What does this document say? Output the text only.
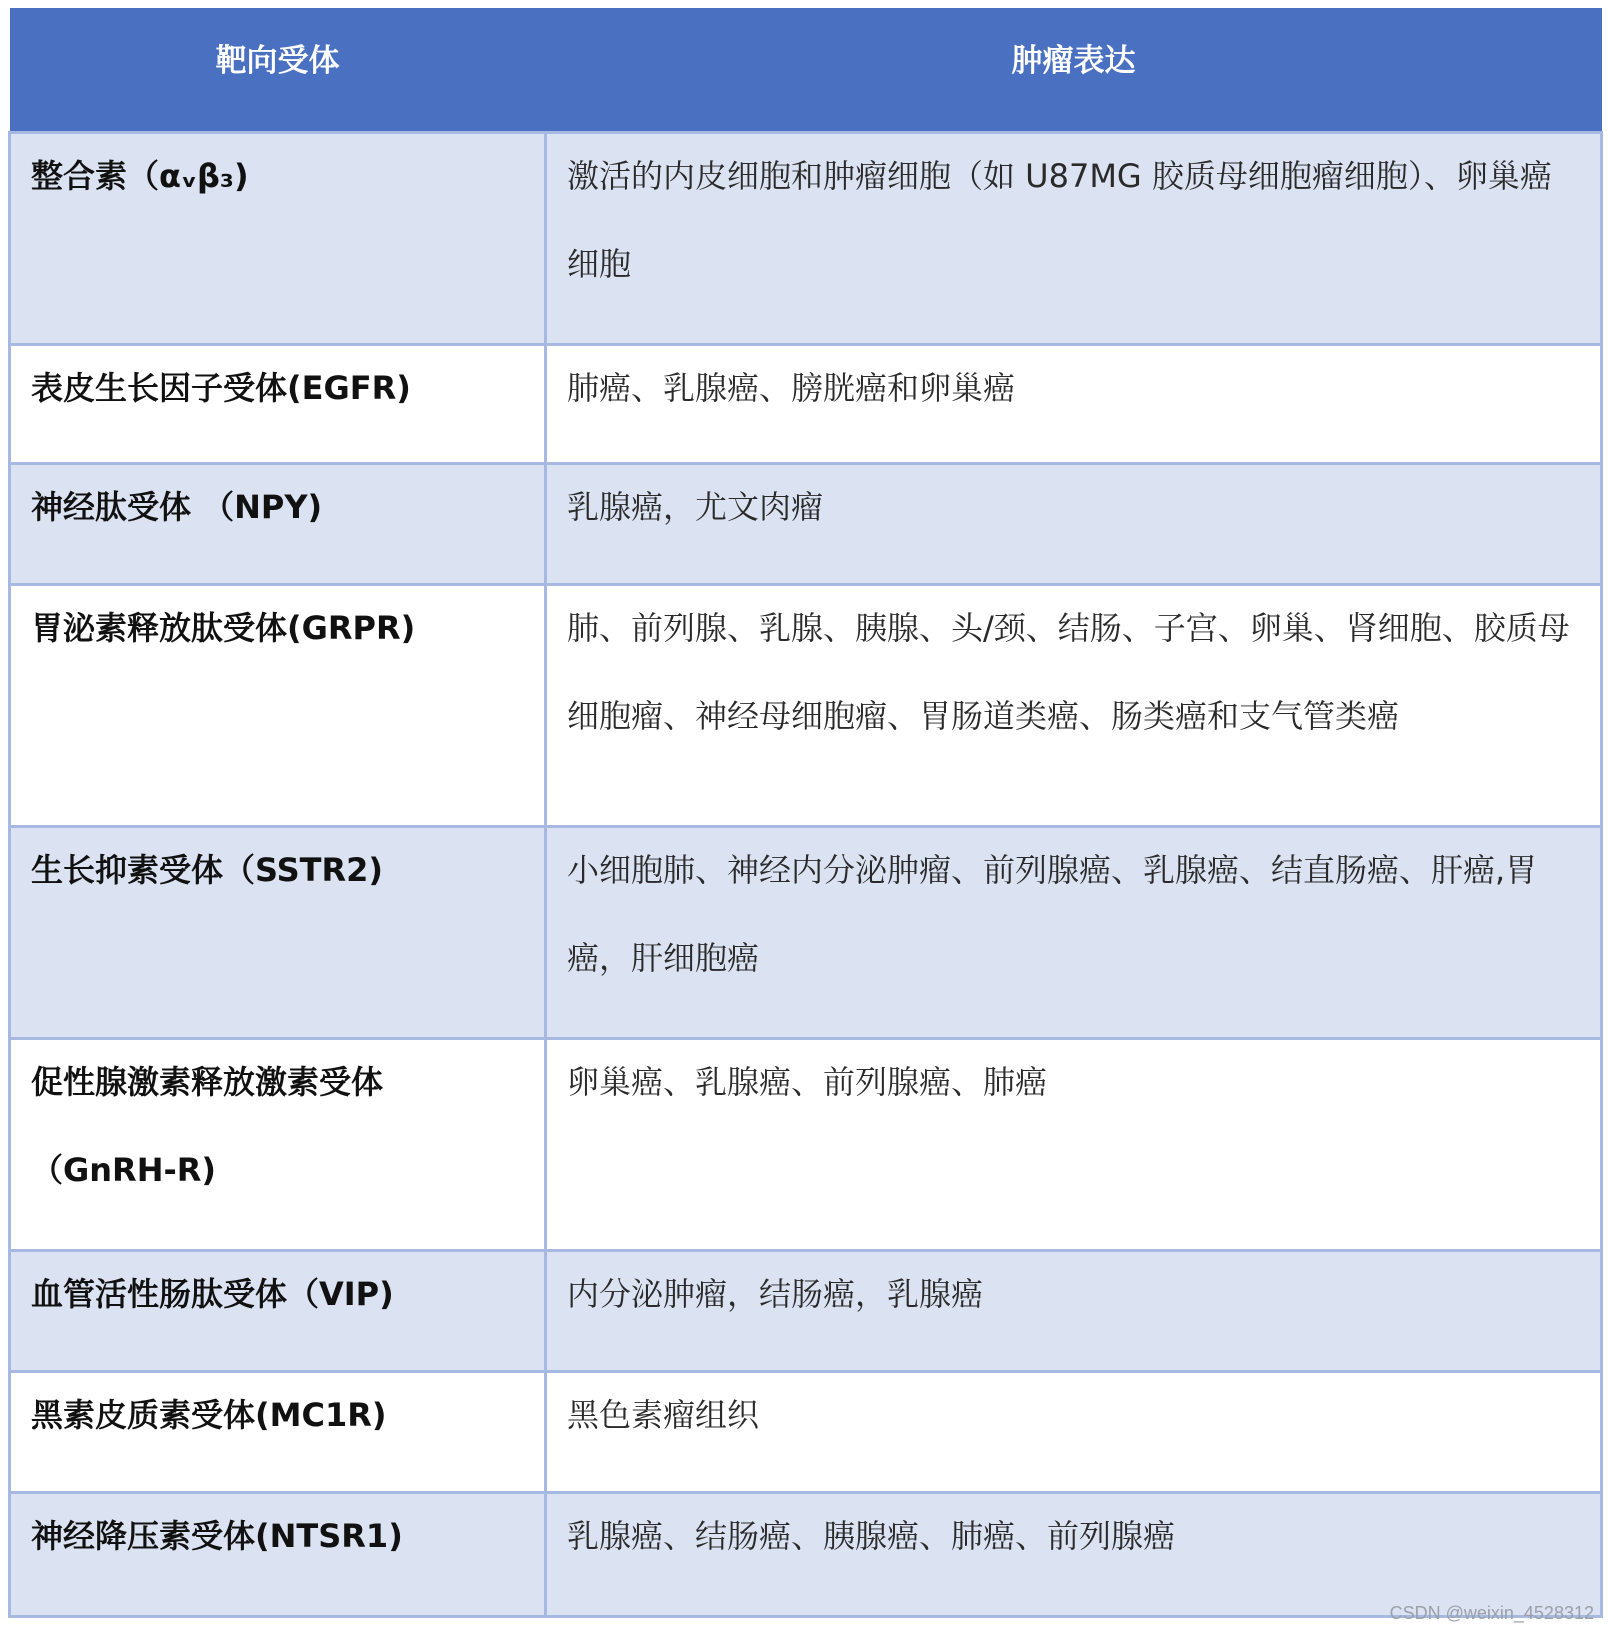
靶向受体	肿瘤表达

整合素（αᵥβ₃)	激活的内皮细胞和肿瘤细胞（如 U87MG 胶质母细胞瘤细胞）、卵巢癌细胞

表皮生长因子受体(EGFR)	肺癌、乳腺癌、膀胱癌和卵巢癌

神经肽受体 （NPY)	乳腺癌，尤文肉瘤

胃泌素释放肽受体(GRPR)	肺、前列腺、乳腺、胰腺、头/颈、结肠、子宫、卵巢、肾细胞、胶质母细胞瘤、神经母细胞瘤、胃肠道类癌、肠类癌和支气管类癌

生长抑素受体（SSTR2)	小细胞肺、神经内分泌肿瘤、前列腺癌、乳腺癌、结直肠癌、肝癌,胃癌，肝细胞癌

促性腺激素释放激素受体（GnRH-R)	卵巢癌、乳腺癌、前列腺癌、肺癌

血管活性肠肽受体（VIP)	内分泌肿瘤，结肠癌，乳腺癌

黑素皮质素受体(MC1R)	黑色素瘤组织

神经降压素受体(NTSR1)	乳腺癌、结肠癌、胰腺癌、肺癌、前列腺癌
CSDN @weixin_4528312
